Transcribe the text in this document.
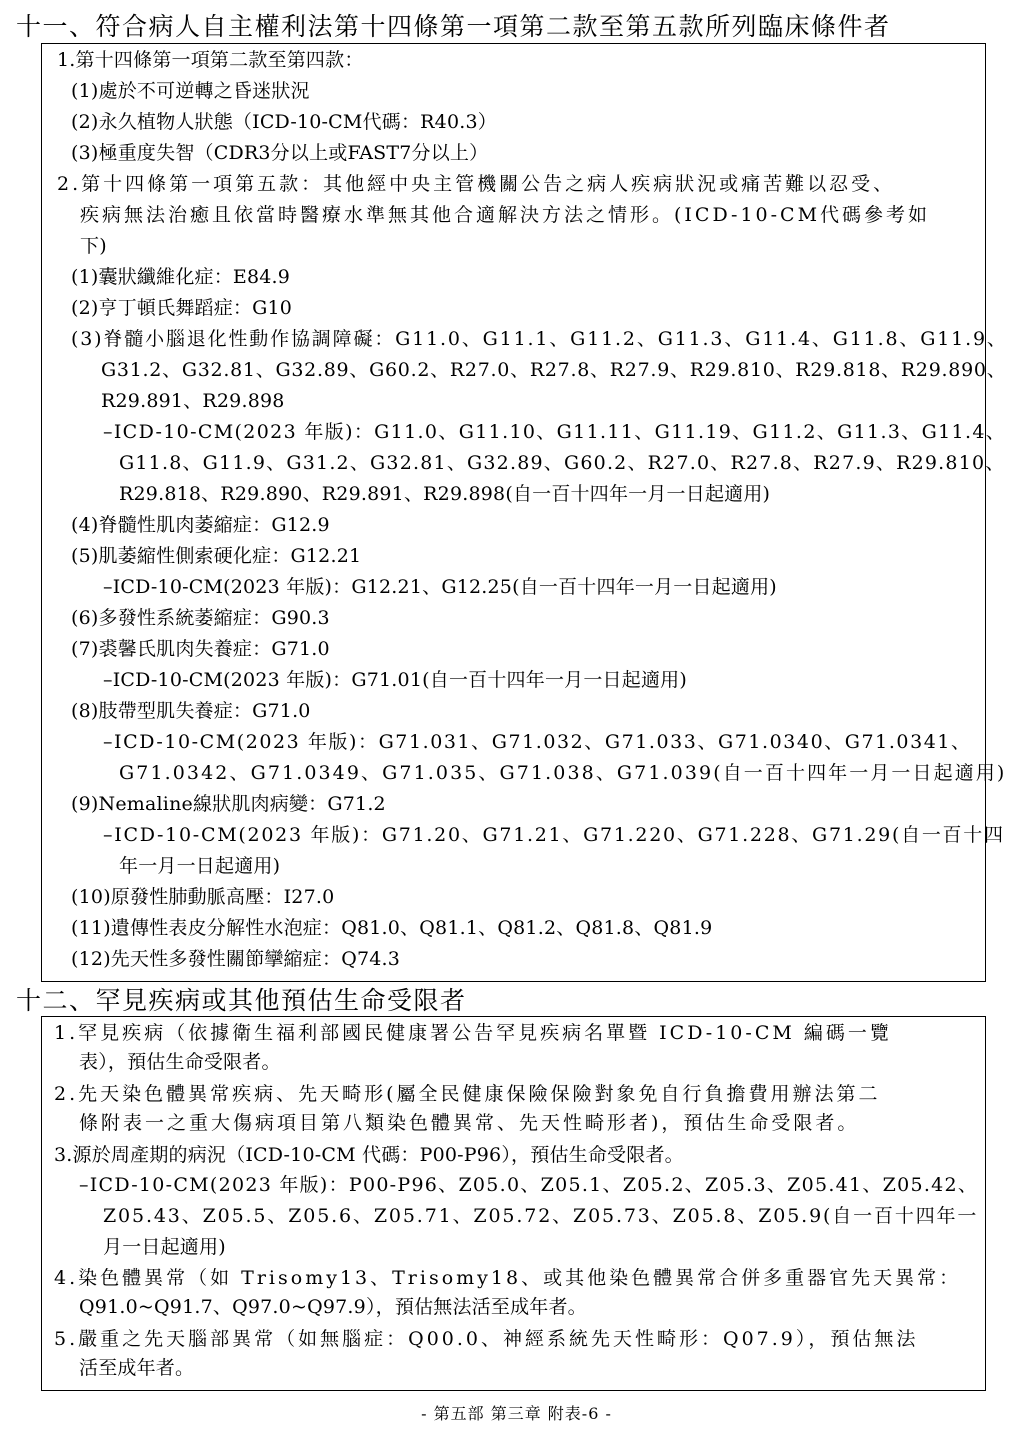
十一、符合病人自主權利法第十四條第一項第二款至第五款所列臨床條件者
1.第十四條第一項第二款至第四款：
(1)處於不可逆轉之昏迷狀況
(2)永久植物人狀態（ICD-10-CM代碼：R40.3）
(3)極重度失智（CDR3分以上或FAST7分以上）
2.第十四條第一項第五款：其他經中央主管機關公告之病人疾病狀況或痛苦難以忍受、
疾病無法治癒且依當時醫療水準無其他合適解決方法之情形。(ICD-10-CM代碼參考如
下)
(1)囊狀纖維化症：E84.9
(2)亨丁頓氏舞蹈症：G10
(3)脊髓小腦退化性動作協調障礙：G11.0、G11.1、G11.2、G11.3、G11.4、G11.8、G11.9、
G31.2、G32.81、G32.89、G60.2、R27.0、R27.8、R27.9、R29.810、R29.818、R29.890、
R29.891、R29.898
–ICD-10-CM(2023 年版)：G11.0、G11.10、G11.11、G11.19、G11.2、G11.3、G11.4、
G11.8、G11.9、G31.2、G32.81、G32.89、G60.2、R27.0、R27.8、R27.9、R29.810、
R29.818、R29.890、R29.891、R29.898(自一百十四年一月一日起適用)
(4)脊髓性肌肉萎縮症：G12.9
(5)肌萎縮性側索硬化症：G12.21
–ICD-10-CM(2023 年版)：G12.21、G12.25(自一百十四年一月一日起適用)
(6)多發性系統萎縮症：G90.3
(7)裘馨氏肌肉失養症：G71.0
–ICD-10-CM(2023 年版)：G71.01(自一百十四年一月一日起適用)
(8)肢帶型肌失養症：G71.0
–ICD-10-CM(2023 年版)：G71.031、G71.032、G71.033、G71.0340、G71.0341、
G71.0342、G71.0349、G71.035、G71.038、G71.039(自一百十四年一月一日起適用)
(9)Nemaline線狀肌肉病變：G71.2
–ICD-10-CM(2023 年版)：G71.20、G71.21、G71.220、G71.228、G71.29(自一百十四
年一月一日起適用)
(10)原發性肺動脈高壓：I27.0
(11)遺傳性表皮分解性水泡症：Q81.0、Q81.1、Q81.2、Q81.8、Q81.9
(12)先天性多發性關節攣縮症：Q74.3
十二、罕見疾病或其他預估生命受限者
1.罕見疾病（依據衛生福利部國民健康署公告罕見疾病名單暨 ICD-10-CM 編碼一覽
表），預估生命受限者。
2.先天染色體異常疾病、先天畸形(屬全民健康保險保險對象免自行負擔費用辦法第二
條附表一之重大傷病項目第八類染色體異常、先天性畸形者)，預估生命受限者。
3.源於周產期的病況（ICD-10-CM 代碼：P00-P96），預估生命受限者。
–ICD-10-CM(2023 年版)：P00-P96、Z05.0、Z05.1、Z05.2、Z05.3、Z05.41、Z05.42、
Z05.43、Z05.5、Z05.6、Z05.71、Z05.72、Z05.73、Z05.8、Z05.9(自一百十四年一
月一日起適用)
4.染色體異常（如 Trisomy13、Trisomy18、或其他染色體異常合併多重器官先天異常：
Q91.0~Q91.7、Q97.0~Q97.9），預估無法活至成年者。
5.嚴重之先天腦部異常（如無腦症：Q00.0、神經系統先天性畸形：Q07.9），預估無法
活至成年者。
- 第五部 第三章 附表-6 -
